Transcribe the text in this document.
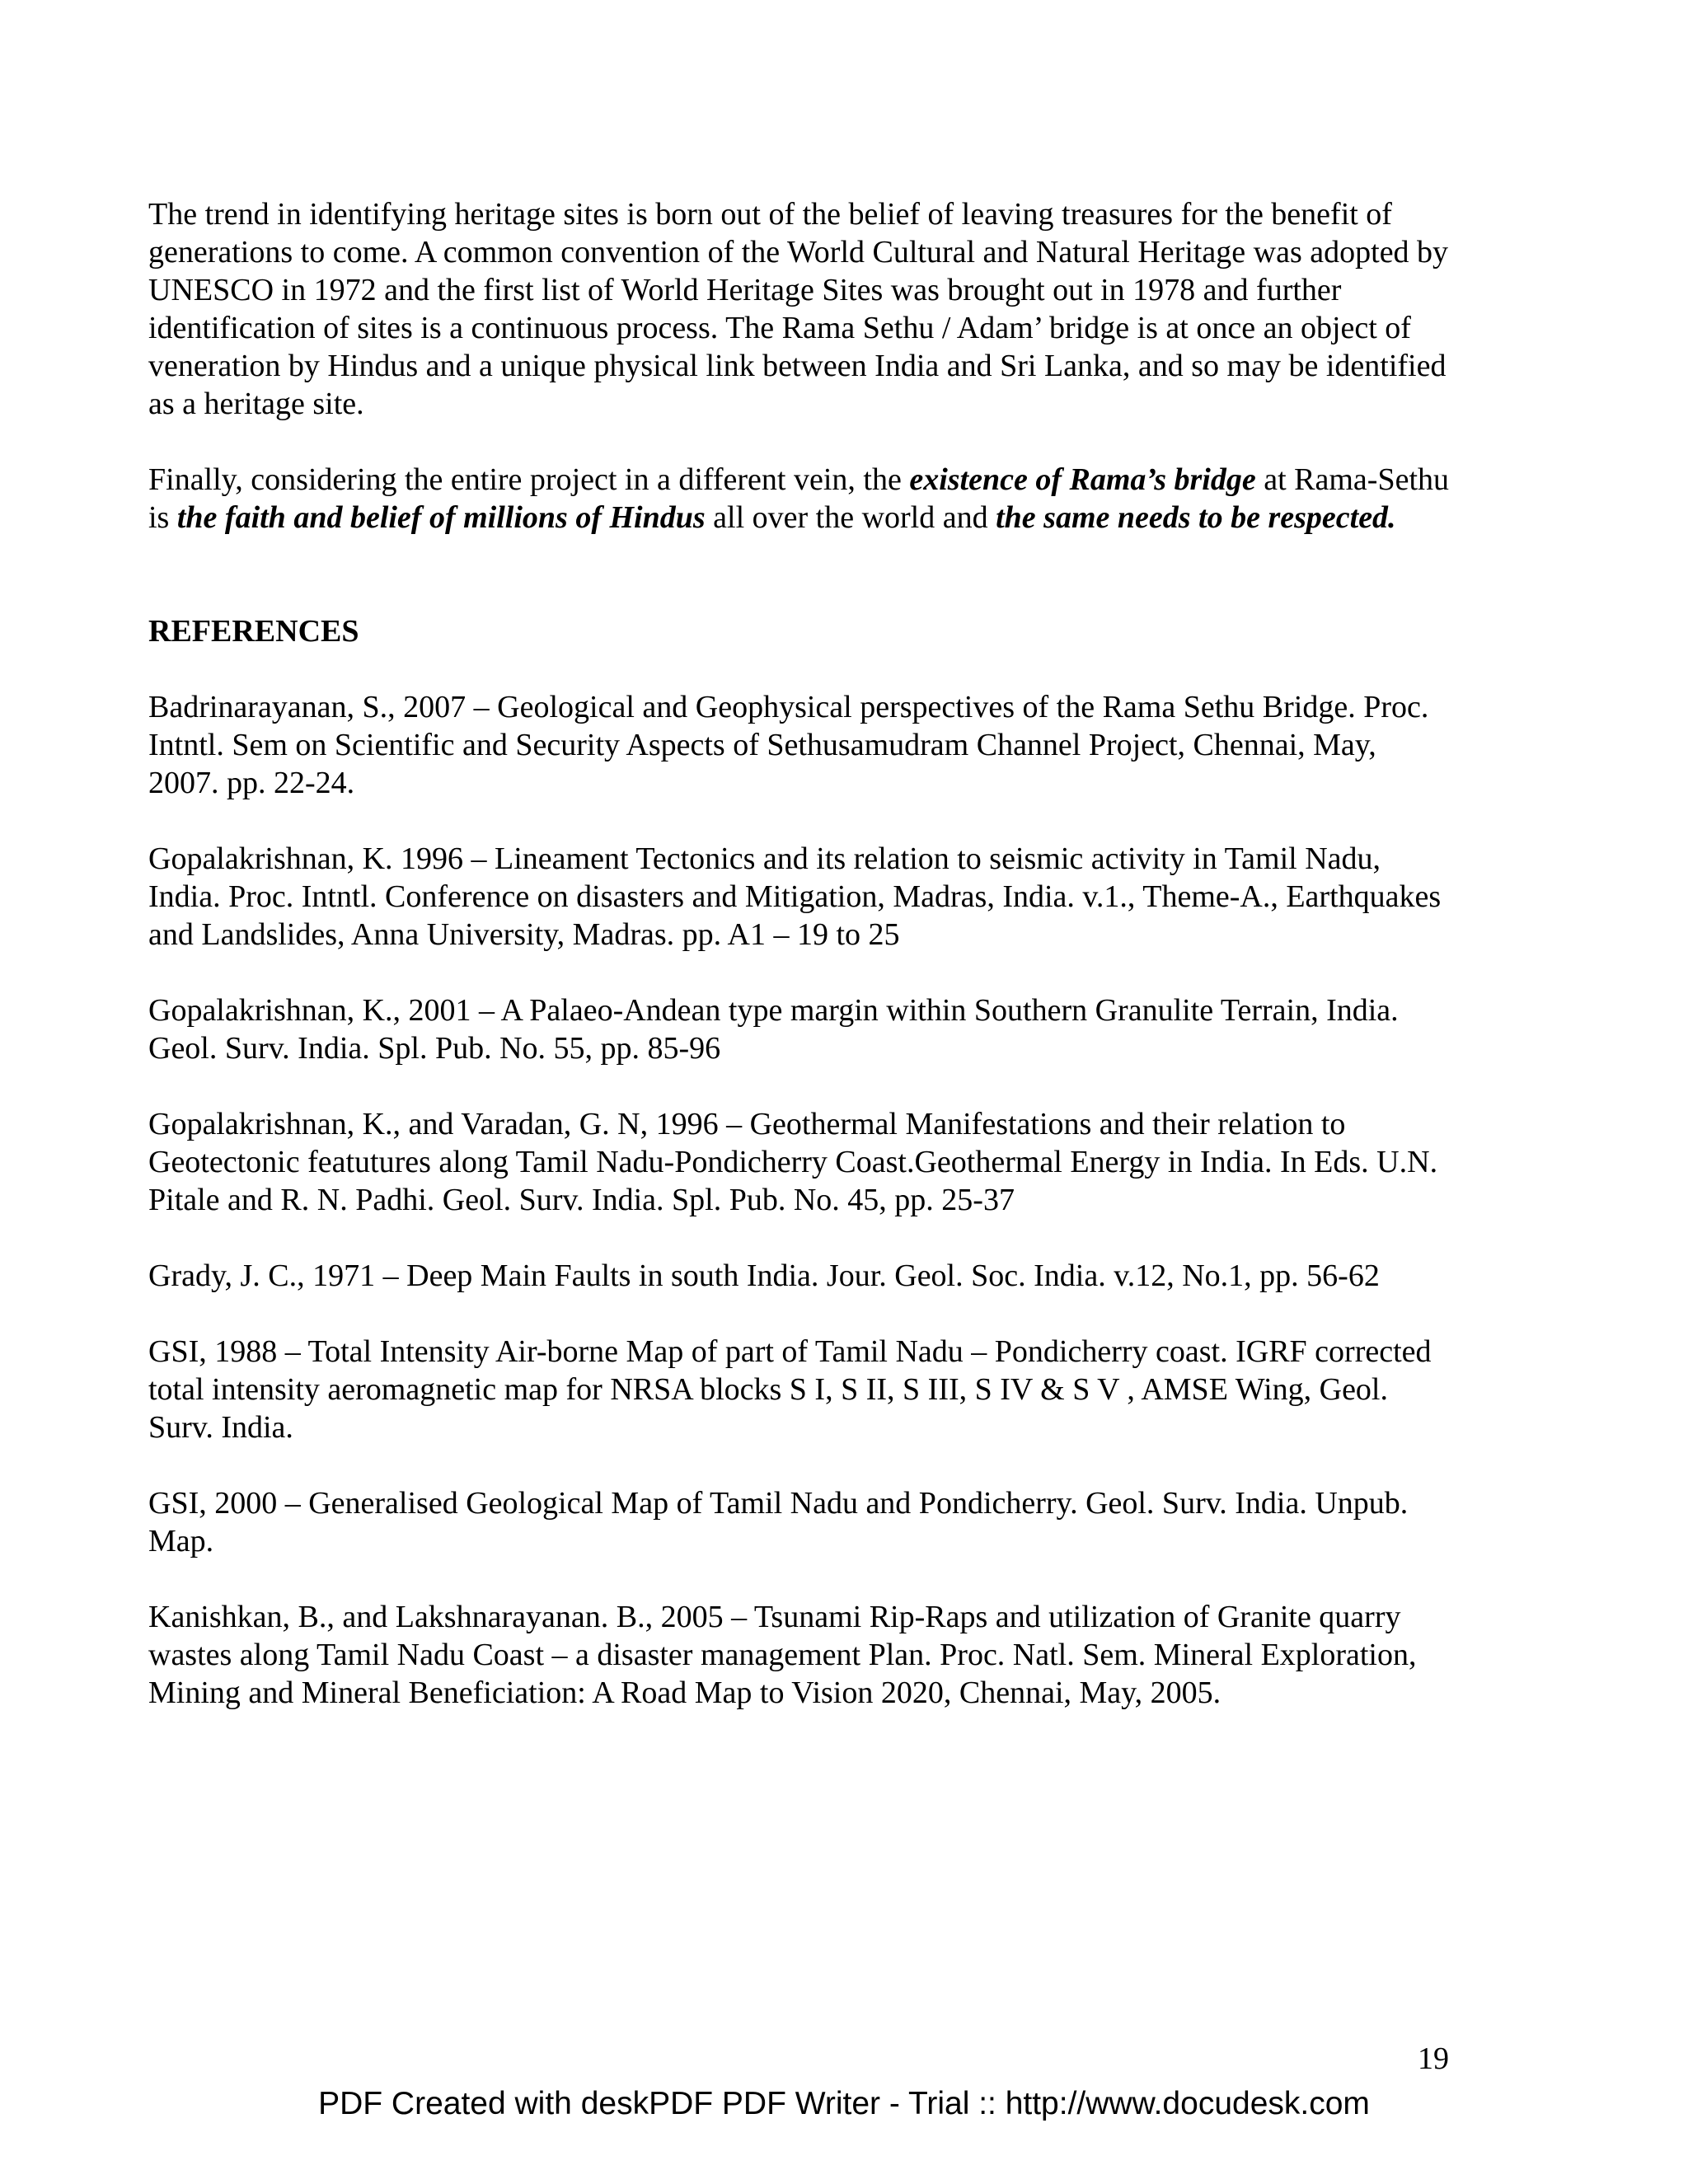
The trend in identifying heritage sites is born out of the belief of leaving treasures for the benefit of generations to come. A common convention of the World Cultural and Natural Heritage was adopted by UNESCO in 1972 and the first list of World Heritage Sites was brought out in 1978 and further identification of sites is a continuous process. The Rama Sethu / Adam’ bridge is at once an object of veneration by Hindus and a unique physical link between India and Sri Lanka, and so may be identified as a heritage site.

Finally, considering the entire project in a different vein, the existence of Rama’s bridge at Rama-Sethu is the faith and belief of millions of Hindus all over the world and the same needs to be respected.

REFERENCES

Badrinarayanan, S., 2007 – Geological and Geophysical perspectives of the Rama Sethu Bridge. Proc. Intntl. Sem on Scientific and Security Aspects of Sethusamudram Channel Project, Chennai, May, 2007. pp. 22-24.

Gopalakrishnan, K. 1996 – Lineament Tectonics and its relation to seismic activity in Tamil Nadu, India. Proc. Intntl. Conference on disasters and Mitigation, Madras, India. v.1., Theme-A., Earthquakes and Landslides, Anna University, Madras. pp. A1 – 19 to 25

Gopalakrishnan, K., 2001 – A Palaeo-Andean type margin within Southern Granulite Terrain, India. Geol. Surv. India. Spl. Pub. No. 55, pp. 85-96

Gopalakrishnan, K., and Varadan, G. N, 1996 – Geothermal Manifestations and their relation to Geotectonic featutures along Tamil Nadu-Pondicherry Coast.Geothermal Energy in India. In Eds. U.N. Pitale and R. N. Padhi. Geol. Surv. India. Spl. Pub. No. 45, pp. 25-37

Grady, J. C., 1971 – Deep Main Faults in south India. Jour. Geol. Soc. India. v.12, No.1, pp. 56-62

GSI, 1988 – Total Intensity Air-borne Map of part of Tamil Nadu – Pondicherry coast. IGRF corrected total intensity aeromagnetic map for NRSA blocks S I, S II, S III, S IV & S V , AMSE Wing, Geol. Surv. India.

GSI, 2000 – Generalised Geological Map of Tamil Nadu and Pondicherry. Geol. Surv. India. Unpub. Map.

Kanishkan, B., and Lakshnarayanan. B., 2005 – Tsunami Rip-Raps and utilization of Granite quarry wastes along Tamil Nadu Coast – a disaster management Plan. Proc. Natl. Sem. Mineral Exploration, Mining and Mineral Beneficiation: A Road Map to Vision 2020, Chennai, May, 2005.

19
PDF Created with deskPDF PDF Writer - Trial :: http://www.docudesk.com
